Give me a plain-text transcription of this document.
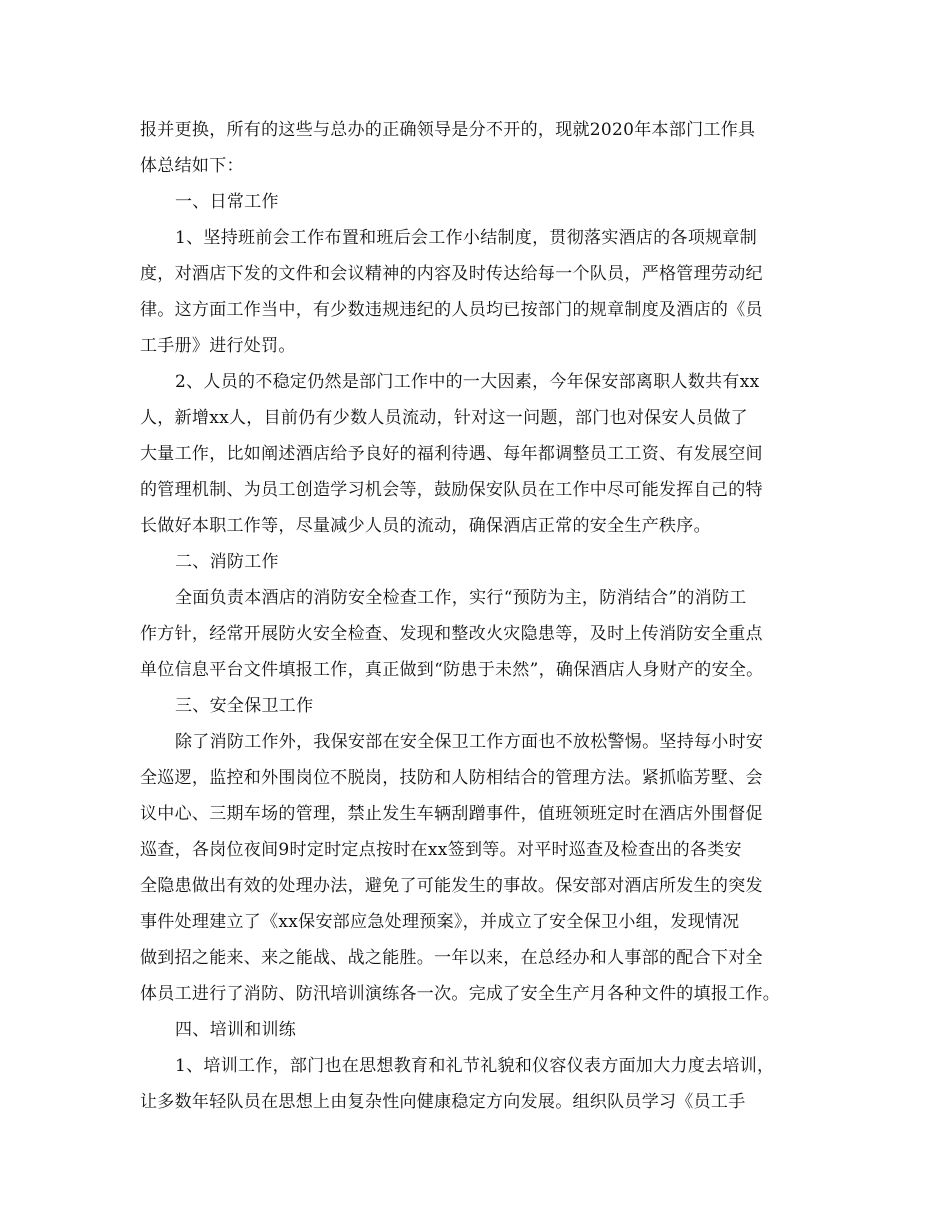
报并更换，所有的这些与总办的正确领导是分不开的，现就2020年本部门工作具
体总结如下：
一、日常工作
1、坚持班前会工作布置和班后会工作小结制度，贯彻落实酒店的各项规章制
度，对酒店下发的文件和会议精神的内容及时传达给每一个队员，严格管理劳动纪
律。这方面工作当中，有少数违规违纪的人员均已按部门的规章制度及酒店的《员
工手册》进行处罚。
2、人员的不稳定仍然是部门工作中的一大因素，今年保安部离职人数共有xx
人，新增xx人，目前仍有少数人员流动，针对这一问题，部门也对保安人员做了
大量工作，比如阐述酒店给予良好的福利待遇、每年都调整员工工资、有发展空间
的管理机制、为员工创造学习机会等，鼓励保安队员在工作中尽可能发挥自己的特
长做好本职工作等，尽量减少人员的流动，确保酒店正常的安全生产秩序。
二、消防工作
全面负责本酒店的消防安全检查工作，实行“预防为主，防消结合”的消防工
作方针，经常开展防火安全检查、发现和整改火灾隐患等，及时上传消防安全重点
单位信息平台文件填报工作，真正做到“防患于未然”，确保酒店人身财产的安全。
三、安全保卫工作
除了消防工作外，我保安部在安全保卫工作方面也不放松警惕。坚持每小时安
全巡逻，监控和外围岗位不脱岗，技防和人防相结合的管理方法。紧抓临芳墅、会
议中心、三期车场的管理，禁止发生车辆刮蹭事件，值班领班定时在酒店外围督促
巡查，各岗位夜间9时定时定点按时在xx签到等。对平时巡查及检查出的各类安
全隐患做出有效的处理办法，避免了可能发生的事故。保安部对酒店所发生的突发
事件处理建立了《xx保安部应急处理预案》，并成立了安全保卫小组，发现情况
做到招之能来、来之能战、战之能胜。一年以来，在总经办和人事部的配合下对全
体员工进行了消防、防汛培训演练各一次。完成了安全生产月各种文件的填报工作。
四、培训和训练
1、培训工作，部门也在思想教育和礼节礼貌和仪容仪表方面加大力度去培训，
让多数年轻队员在思想上由复杂性向健康稳定方向发展。组织队员学习《员工手
